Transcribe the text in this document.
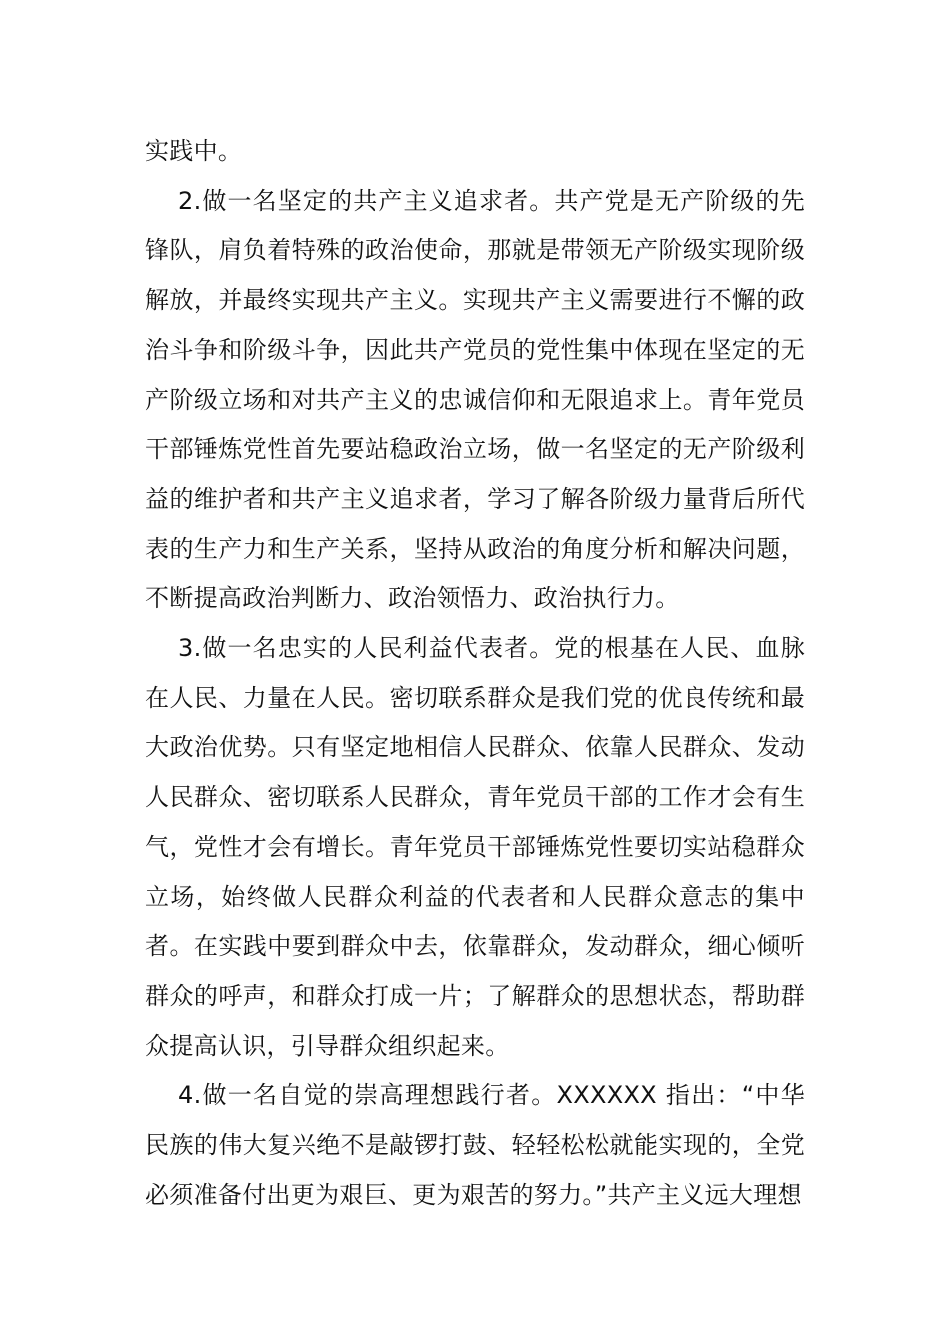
实践中。

2.做一名坚定的共产主义追求者。共产党是无产阶级的先锋队，肩负着特殊的政治使命，那就是带领无产阶级实现阶级解放，并最终实现共产主义。实现共产主义需要进行不懈的政治斗争和阶级斗争，因此共产党员的党性集中体现在坚定的无产阶级立场和对共产主义的忠诚信仰和无限追求上。青年党员干部锤炼党性首先要站稳政治立场，做一名坚定的无产阶级利益的维护者和共产主义追求者，学习了解各阶级力量背后所代表的生产力和生产关系，坚持从政治的角度分析和解决问题，不断提高政治判断力、政治领悟力、政治执行力。

3.做一名忠实的人民利益代表者。党的根基在人民、血脉在人民、力量在人民。密切联系群众是我们党的优良传统和最大政治优势。只有坚定地相信人民群众、依靠人民群众、发动人民群众、密切联系人民群众，青年党员干部的工作才会有生气，党性才会有增长。青年党员干部锤炼党性要切实站稳群众立场，始终做人民群众利益的代表者和人民群众意志的集中者。在实践中要到群众中去，依靠群众，发动群众，细心倾听群众的呼声，和群众打成一片；了解群众的思想状态，帮助群众提高认识，引导群众组织起来。

4.做一名自觉的崇高理想践行者。XXXXXX 指出：“中华民族的伟大复兴绝不是敲锣打鼓、轻轻松松就能实现的，全党必须准备付出更为艰巨、更为艰苦的努力。”共产主义远大理想
